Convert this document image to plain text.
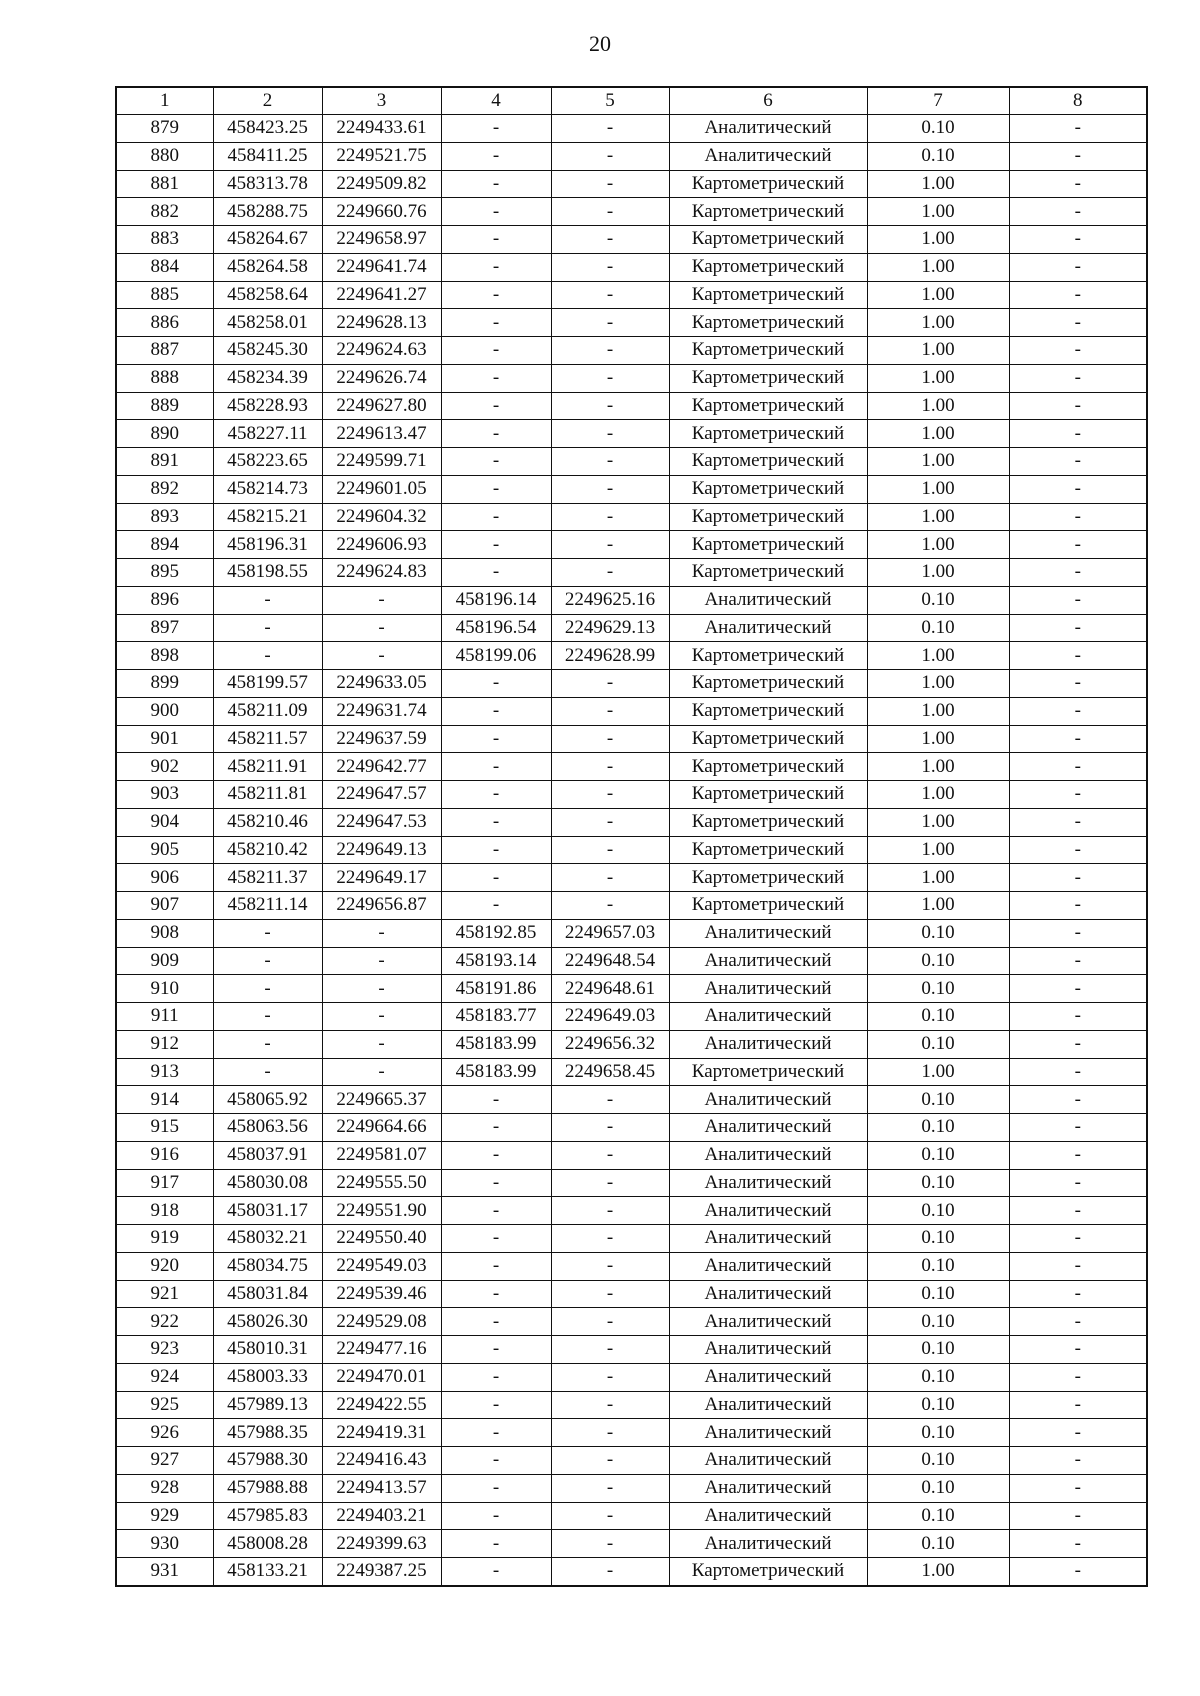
20
1	2	3	4	5	6	7	8
879	458423.25	2249433.61	-	-	Аналитический	0.10	-
880	458411.25	2249521.75	-	-	Аналитический	0.10	-
881	458313.78	2249509.82	-	-	Картометрический	1.00	-
882	458288.75	2249660.76	-	-	Картометрический	1.00	-
883	458264.67	2249658.97	-	-	Картометрический	1.00	-
884	458264.58	2249641.74	-	-	Картометрический	1.00	-
885	458258.64	2249641.27	-	-	Картометрический	1.00	-
886	458258.01	2249628.13	-	-	Картометрический	1.00	-
887	458245.30	2249624.63	-	-	Картометрический	1.00	-
888	458234.39	2249626.74	-	-	Картометрический	1.00	-
889	458228.93	2249627.80	-	-	Картометрический	1.00	-
890	458227.11	2249613.47	-	-	Картометрический	1.00	-
891	458223.65	2249599.71	-	-	Картометрический	1.00	-
892	458214.73	2249601.05	-	-	Картометрический	1.00	-
893	458215.21	2249604.32	-	-	Картометрический	1.00	-
894	458196.31	2249606.93	-	-	Картометрический	1.00	-
895	458198.55	2249624.83	-	-	Картометрический	1.00	-
896	-	-	458196.14	2249625.16	Аналитический	0.10	-
897	-	-	458196.54	2249629.13	Аналитический	0.10	-
898	-	-	458199.06	2249628.99	Картометрический	1.00	-
899	458199.57	2249633.05	-	-	Картометрический	1.00	-
900	458211.09	2249631.74	-	-	Картометрический	1.00	-
901	458211.57	2249637.59	-	-	Картометрический	1.00	-
902	458211.91	2249642.77	-	-	Картометрический	1.00	-
903	458211.81	2249647.57	-	-	Картометрический	1.00	-
904	458210.46	2249647.53	-	-	Картометрический	1.00	-
905	458210.42	2249649.13	-	-	Картометрический	1.00	-
906	458211.37	2249649.17	-	-	Картометрический	1.00	-
907	458211.14	2249656.87	-	-	Картометрический	1.00	-
908	-	-	458192.85	2249657.03	Аналитический	0.10	-
909	-	-	458193.14	2249648.54	Аналитический	0.10	-
910	-	-	458191.86	2249648.61	Аналитический	0.10	-
911	-	-	458183.77	2249649.03	Аналитический	0.10	-
912	-	-	458183.99	2249656.32	Аналитический	0.10	-
913	-	-	458183.99	2249658.45	Картометрический	1.00	-
914	458065.92	2249665.37	-	-	Аналитический	0.10	-
915	458063.56	2249664.66	-	-	Аналитический	0.10	-
916	458037.91	2249581.07	-	-	Аналитический	0.10	-
917	458030.08	2249555.50	-	-	Аналитический	0.10	-
918	458031.17	2249551.90	-	-	Аналитический	0.10	-
919	458032.21	2249550.40	-	-	Аналитический	0.10	-
920	458034.75	2249549.03	-	-	Аналитический	0.10	-
921	458031.84	2249539.46	-	-	Аналитический	0.10	-
922	458026.30	2249529.08	-	-	Аналитический	0.10	-
923	458010.31	2249477.16	-	-	Аналитический	0.10	-
924	458003.33	2249470.01	-	-	Аналитический	0.10	-
925	457989.13	2249422.55	-	-	Аналитический	0.10	-
926	457988.35	2249419.31	-	-	Аналитический	0.10	-
927	457988.30	2249416.43	-	-	Аналитический	0.10	-
928	457988.88	2249413.57	-	-	Аналитический	0.10	-
929	457985.83	2249403.21	-	-	Аналитический	0.10	-
930	458008.28	2249399.63	-	-	Аналитический	0.10	-
931	458133.21	2249387.25	-	-	Картометрический	1.00	-
